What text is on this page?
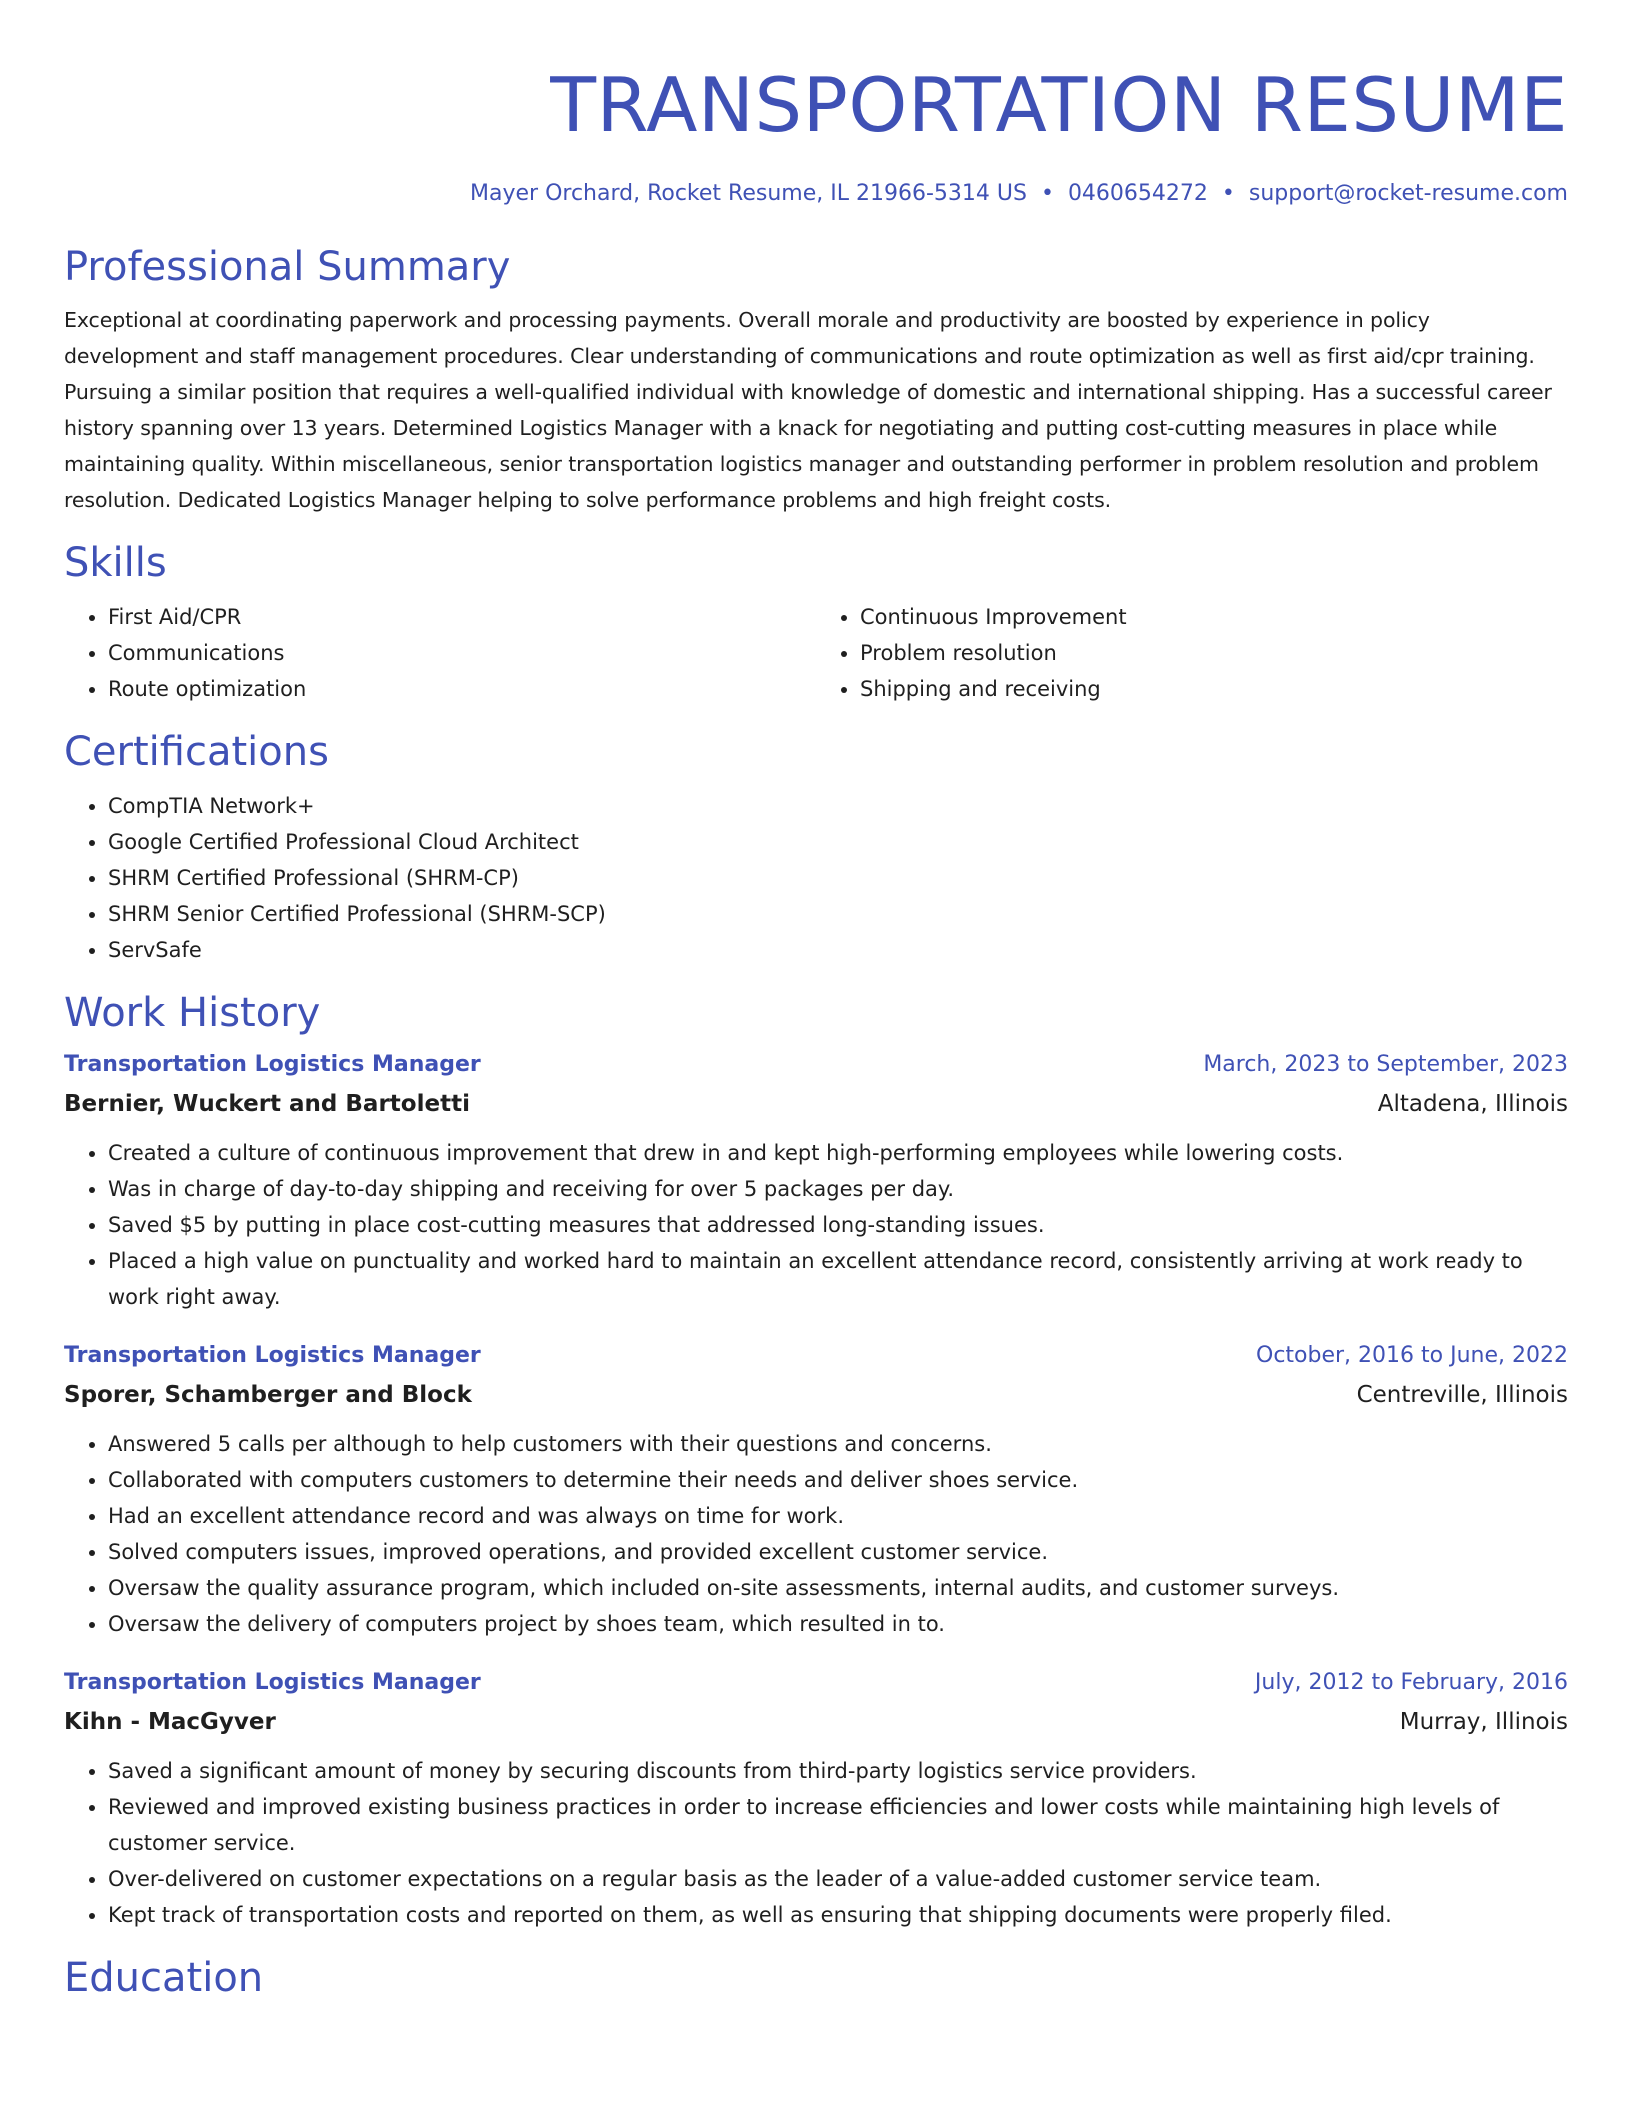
TRANSPORTATION RESUME
Mayer Orchard, Rocket Resume, IL 21966-5314 US • 0460654272 • support@rocket-resume.com
Professional Summary

Exceptional at coordinating paperwork and processing payments. Overall morale and productivity are boosted by experience in policy development and staff management procedures. Clear understanding of communications and route optimization as well as first aid/cpr training. Pursuing a similar position that requires a well-qualified individual with knowledge of domestic and international shipping. Has a successful career history spanning over 13 years. Determined Logistics Manager with a knack for negotiating and putting cost-cutting measures in place while maintaining quality. Within miscellaneous, senior transportation logistics manager and outstanding performer in problem resolution and problem resolution. Dedicated Logistics Manager helping to solve performance problems and high freight costs.

Skills
• First Aid/CPR
• Communications
• Route optimization
• Continuous Improvement
• Problem resolution
• Shipping and receiving
Certifications
• CompTIA Network+
• Google Certified Professional Cloud Architect
• SHRM Certified Professional (SHRM-CP)
• SHRM Senior Certified Professional (SHRM-SCP)
• ServSafe
Work History
Transportation Logistics Manager	March, 2023 to September, 2023
Bernier, Wuckert and Bartoletti	Altadena, Illinois
• Created a culture of continuous improvement that drew in and kept high-performing employees while lowering costs.
• Was in charge of day-to-day shipping and receiving for over 5 packages per day.
• Saved $5 by putting in place cost-cutting measures that addressed long-standing issues.
• Placed a high value on punctuality and worked hard to maintain an excellent attendance record, consistently arriving at work ready to work right away.
Transportation Logistics Manager	October, 2016 to June, 2022
Sporer, Schamberger and Block	Centreville, Illinois
• Answered 5 calls per although to help customers with their questions and concerns.
• Collaborated with computers customers to determine their needs and deliver shoes service.
• Had an excellent attendance record and was always on time for work.
• Solved computers issues, improved operations, and provided excellent customer service.
• Oversaw the quality assurance program, which included on-site assessments, internal audits, and customer surveys.
• Oversaw the delivery of computers project by shoes team, which resulted in to.
Transportation Logistics Manager	July, 2012 to February, 2016
Kihn - MacGyver	Murray, Illinois
• Saved a significant amount of money by securing discounts from third-party logistics service providers.
• Reviewed and improved existing business practices in order to increase efficiencies and lower costs while maintaining high levels of customer service.
• Over-delivered on customer expectations on a regular basis as the leader of a value-added customer service team.
• Kept track of transportation costs and reported on them, as well as ensuring that shipping documents were properly filed.
Education
